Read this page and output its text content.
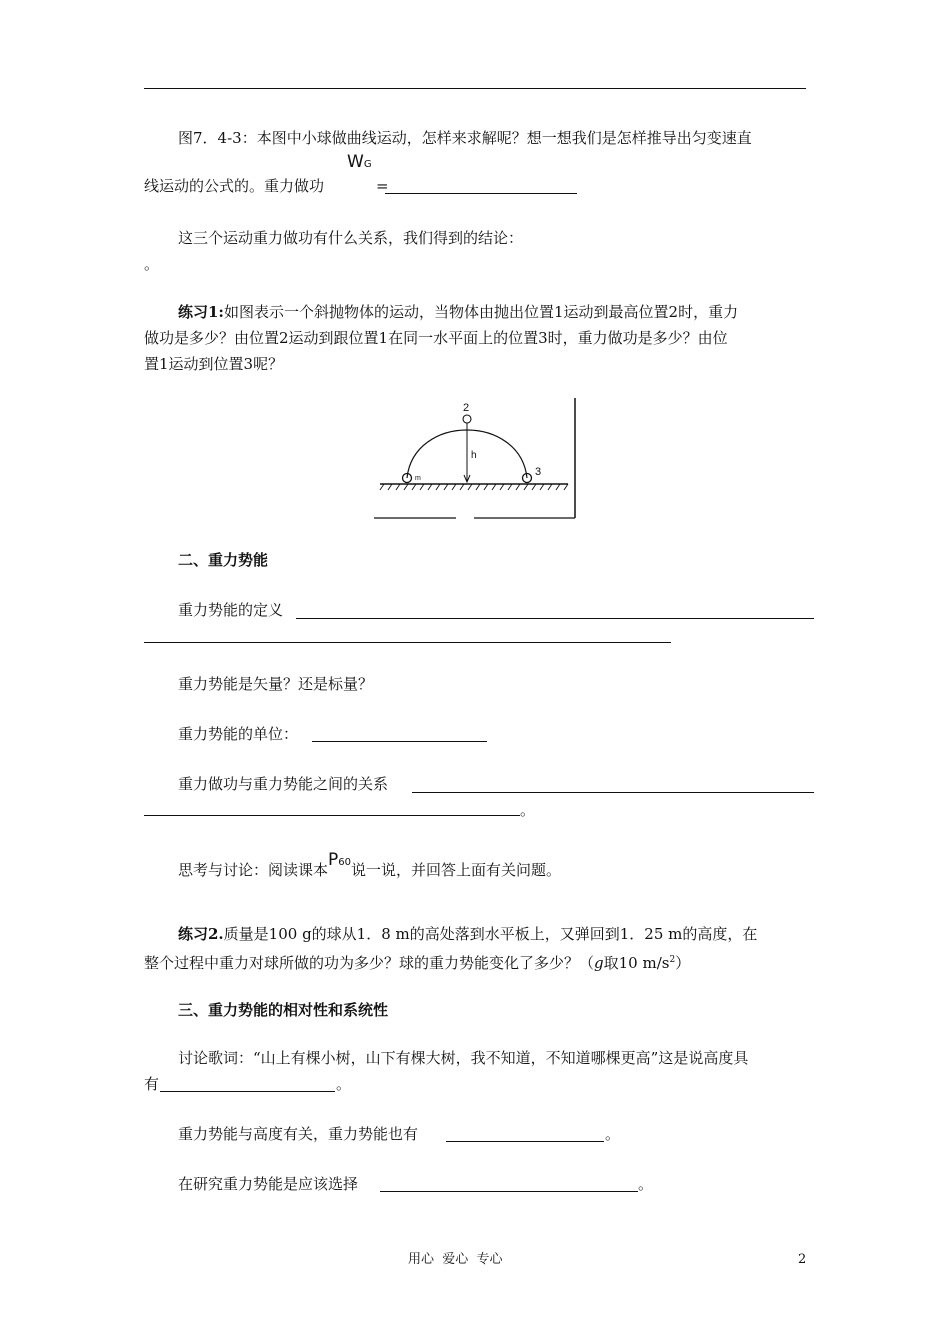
图7．4-3：本图中小球做曲线运动，怎样来求解呢？想一想我们是怎样推导出匀变速直
WG
线运动的公式的。重力做功	=
这三个运动重力做功有什么关系，我们得到的结论：
。
练习1:如图表示一个斜抛物体的运动，当物体由抛出位置1运动到最高位置2时，重力
做功是多少？由位置2运动到跟位置1在同一水平面上的位置3时，重力做功是多少？由位
置1运动到位置3呢？
2
3
h
m
二、重力势能
重力势能的定义
重力势能是矢量？还是标量？
重力势能的单位：
重力做功与重力势能之间的关系
。
思考与讨论：阅读课本P60说一说，并回答上面有关问题。
练习2.质量是100 g的球从1．8 m的高处落到水平板上，又弹回到1．25 m的高度，在
整个过程中重力对球所做的功为多少？球的重力势能变化了多少？（g取10 $m/s^2$）
三、重力势能的相对性和系统性
讨论歌词：“山上有棵小树，山下有棵大树，我不知道，不知道哪棵更高”这是说高度具
有	。
重力势能与高度有关，重力势能也有	。
在研究重力势能是应该选择	。
用心  爱心  专心	2
